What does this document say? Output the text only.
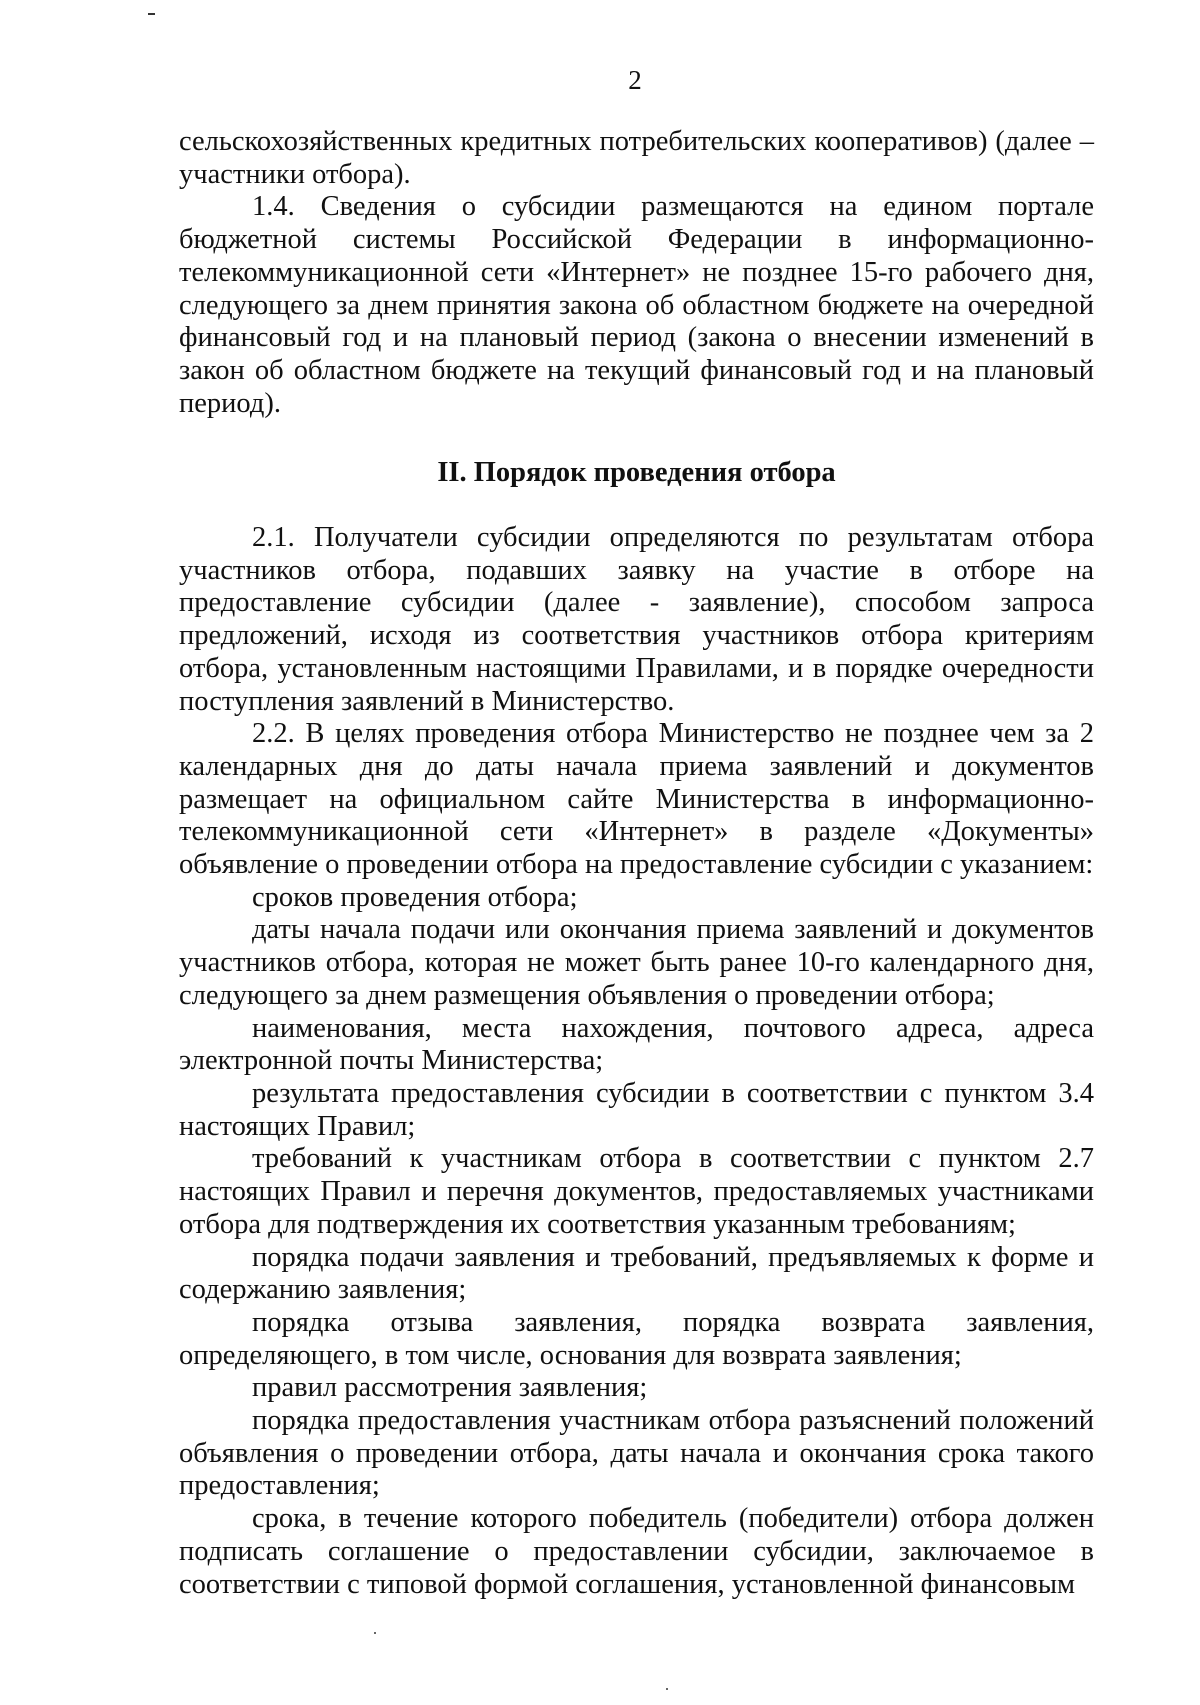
2

сельскохозяйственных кредитных потребительских кооперативов) (далее – участники отбора).

1.4. Сведения о субсидии размещаются на едином портале бюджетной системы Российской Федерации в информационно-телекоммуникационной сети «Интернет» не позднее 15-го рабочего дня, следующего за днем принятия закона об областном бюджете на очередной финансовый год и на плановый период (закона о внесении изменений в закон об областном бюджете на текущий финансовый год и на плановый период).

II. Порядок проведения отбора

2.1. Получатели субсидии определяются по результатам отбора участников отбора, подавших заявку на участие в отборе на предоставление субсидии (далее - заявление), способом запроса предложений, исходя из соответствия участников отбора критериям отбора, установленным настоящими Правилами, и в порядке очередности поступления заявлений в Министерство.

2.2. В целях проведения отбора Министерство не позднее чем за 2 календарных дня до даты начала приема заявлений и документов размещает на официальном сайте Министерства в информационно-телекоммуникационной сети «Интернет» в разделе «Документы» объявление о проведении отбора на предоставление субсидии с указанием:

сроков проведения отбора;

даты начала подачи или окончания приема заявлений и документов участников отбора, которая не может быть ранее 10-го календарного дня, следующего за днем размещения объявления о проведении отбора;

наименования, места нахождения, почтового адреса, адреса электронной почты Министерства;

результата предоставления субсидии в соответствии с пунктом 3.4 настоящих Правил;

требований к участникам отбора в соответствии с пунктом 2.7 настоящих Правил и перечня документов, предоставляемых участниками отбора для подтверждения их соответствия указанным требованиям;

порядка подачи заявления и требований, предъявляемых к форме и содержанию заявления;

порядка отзыва заявления, порядка возврата заявления, определяющего, в том числе, основания для возврата заявления;

правил рассмотрения заявления;

порядка предоставления участникам отбора разъяснений положений объявления о проведении отбора, даты начала и окончания срока такого предоставления;

срока, в течение которого победитель (победители) отбора должен подписать соглашение о предоставлении субсидии, заключаемое в соответствии с типовой формой соглашения, установленной финансовым
